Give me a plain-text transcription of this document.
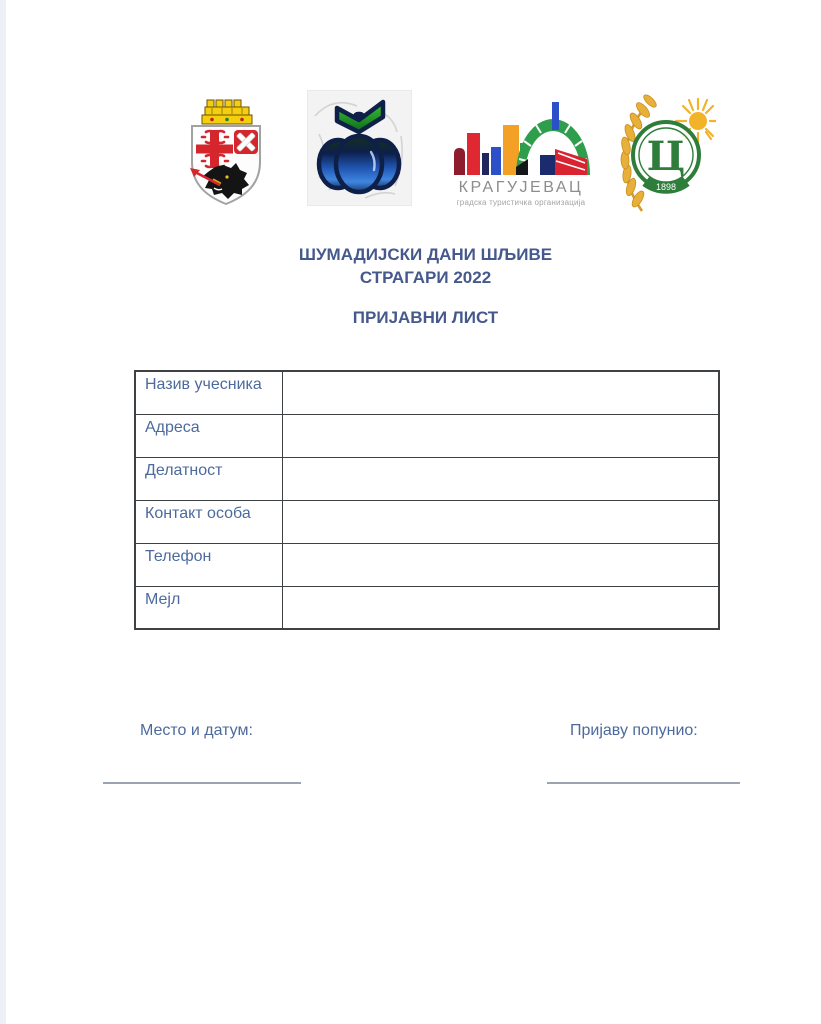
КРАГУЈЕВАЦ
градска туристичка организација
Ц
1898
ШУМАДИЈСКИ ДАНИ ШЉИВЕ
СТРАГАРИ 2022
ПРИЈАВНИ ЛИСТ
Назив учесника	
Адреса	
Делатност	
Контакт особа	
Телефон	
Мејл	
Место и датум:	Пријаву попунио:
